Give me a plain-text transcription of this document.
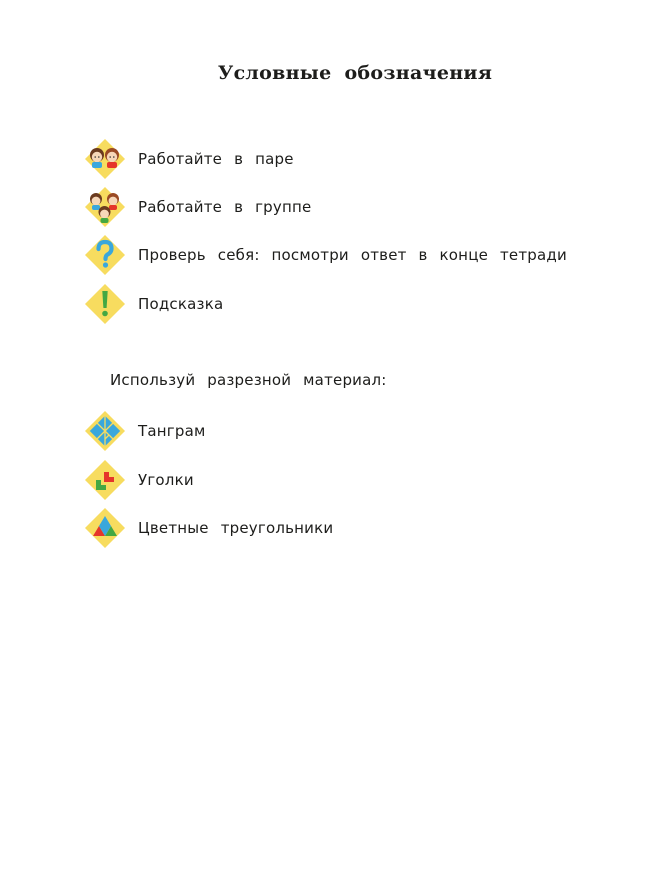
Условные обозначения
Работайте в паре
Работайте в группе
Проверь себя: посмотри ответ в конце тетради
Подсказка
Используй разрезной материал:
Танграм
Уголки
Цветные треугольники
